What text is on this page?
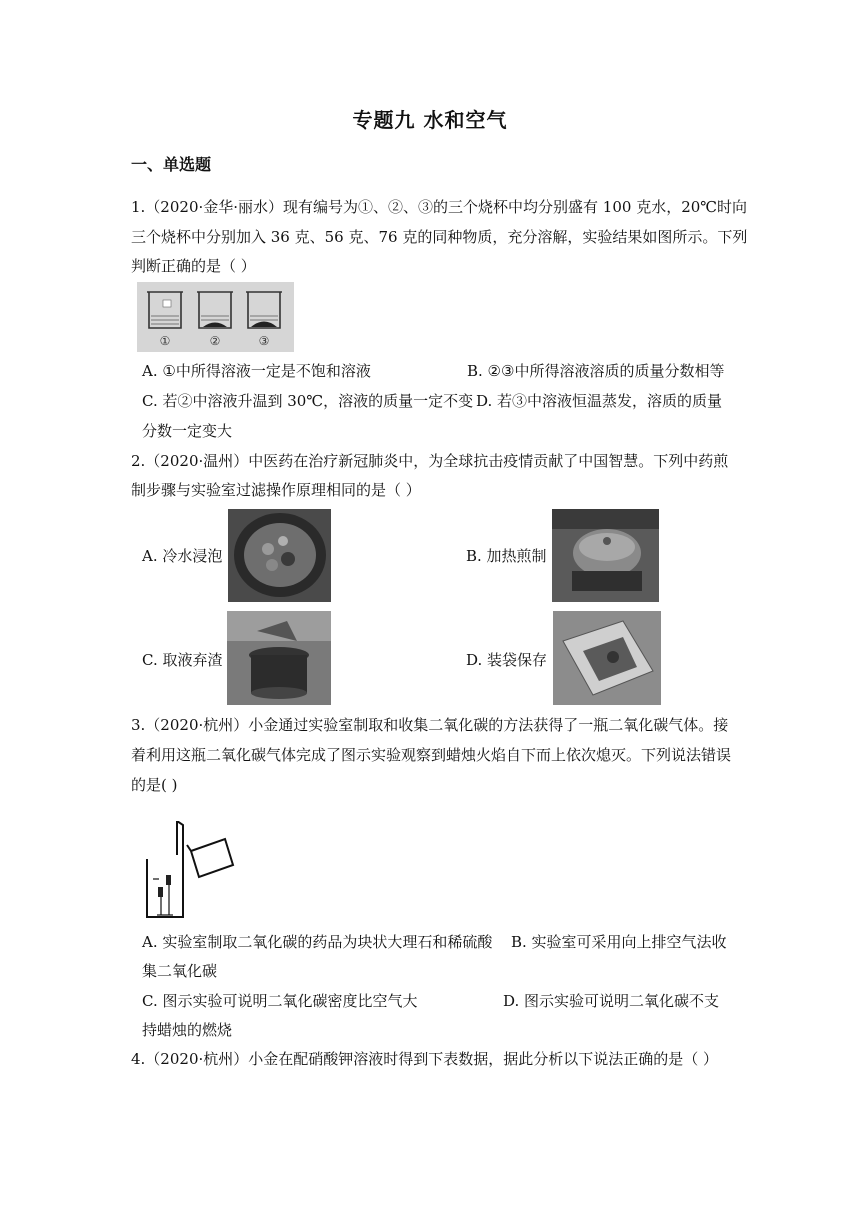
专题九 水和空气
一、单选题
1.（2020·金华·丽水）现有编号为①、②、③的三个烧杯中均分别盛有 100 克水，20℃时向
三个烧杯中分别加入 36 克、56 克、76 克的同种物质，充分溶解，实验结果如图所示。下列
判断正确的是（ ）
①	②	③
A. ①中所得溶液一定是不饱和溶液	B. ②③中所得溶液溶质的质量分数相等
C. 若②中溶液升温到 30℃，溶液的质量一定不变 D. 若③中溶液恒温蒸发，溶质的质量
分数一定变大
2.（2020·温州）中医药在治疗新冠肺炎中，为全球抗击疫情贡献了中国智慧。下列中药煎
制步骤与实验室过滤操作原理相同的是（ ）
A. 冷水浸泡	B. 加热煎制
C. 取液弃渣	D. 装袋保存
3.（2020·杭州）小金通过实验室制取和收集二氧化碳的方法获得了一瓶二氧化碳气体。接
着利用这瓶二氧化碳气体完成了图示实验观察到蜡烛火焰自下而上依次熄灭。下列说法错误
的是( )
A. 实验室制取二氧化碳的药品为块状大理石和稀硫酸 B. 实验室可采用向上排空气法收
集二氧化碳
C. 图示实验可说明二氧化碳密度比空气大	D. 图示实验可说明二氧化碳不支
持蜡烛的燃烧
4.（2020·杭州）小金在配硝酸钾溶液时得到下表数据，据此分析以下说法正确的是（ ）
